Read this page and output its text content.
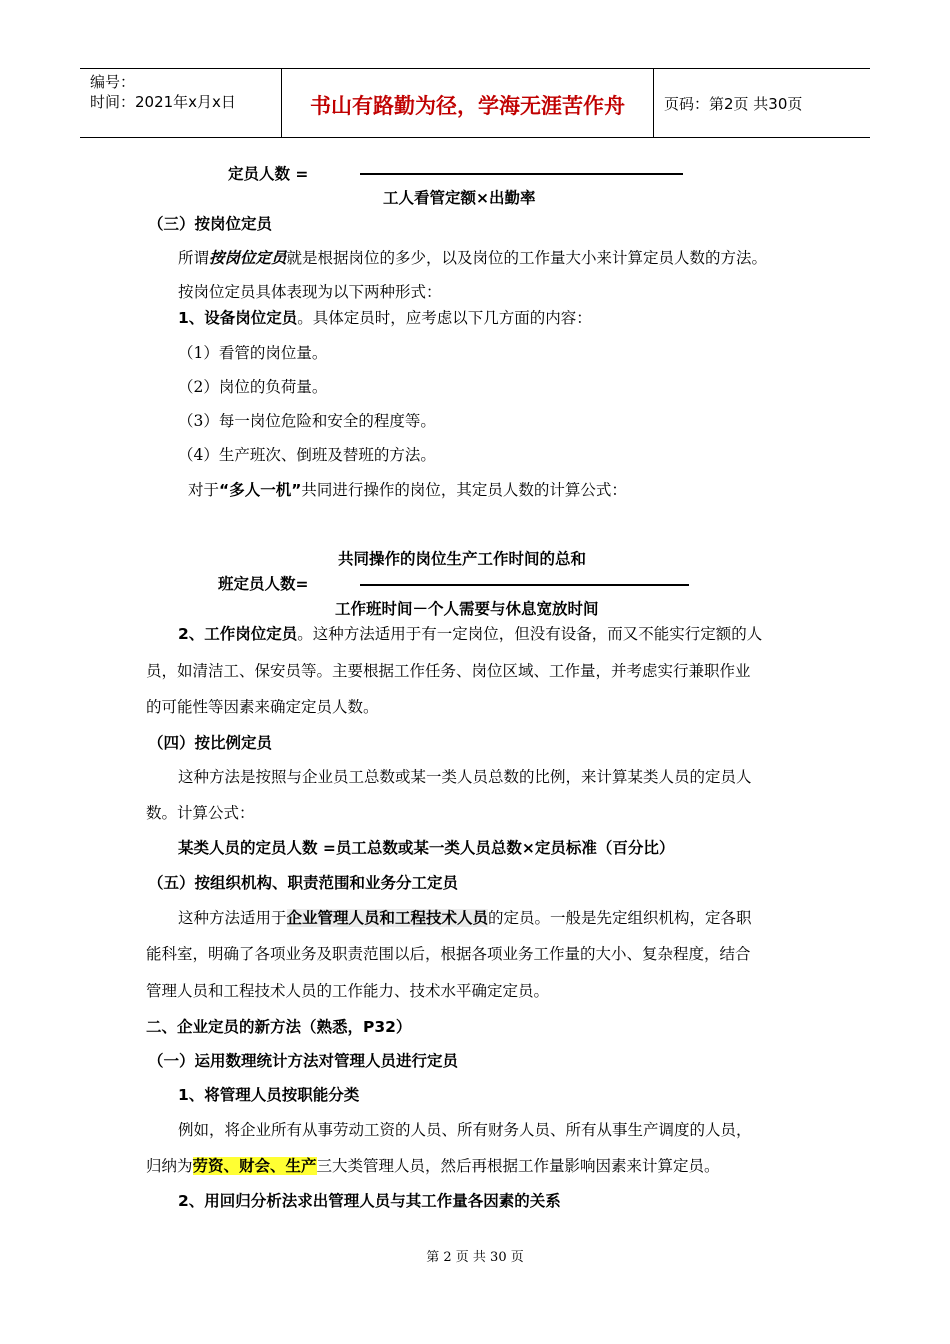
编号：
时间：2021年x月x日	书山有路勤为径，学海无涯苦作舟	页码：第2页 共30页
定员人数 =
工人看管定额×出勤率
（三）按岗位定员
所谓按岗位定员就是根据岗位的多少，以及岗位的工作量大小来计算定员人数的方法。
按岗位定员具体表现为以下两种形式：
1、设备岗位定员。具体定员时，应考虑以下几方面的内容：
（1）看管的岗位量。
（2）岗位的负荷量。
（3）每一岗位危险和安全的程度等。
（4）生产班次、倒班及替班的方法。
对于“多人一机”共同进行操作的岗位，其定员人数的计算公式：
共同操作的岗位生产工作时间的总和
班定员人数=
工作班时间－个人需要与休息宽放时间
2、工作岗位定员。这种方法适用于有一定岗位，但没有设备，而又不能实行定额的人
员，如清洁工、保安员等。主要根据工作任务、岗位区域、工作量，并考虑实行兼职作业
的可能性等因素来确定定员人数。
（四）按比例定员
这种方法是按照与企业员工总数或某一类人员总数的比例，来计算某类人员的定员人
数。计算公式：
某类人员的定员人数 =员工总数或某一类人员总数×定员标准（百分比）
（五）按组织机构、职责范围和业务分工定员
这种方法适用于企业管理人员和工程技术人员的定员。一般是先定组织机构，定各职
能科室，明确了各项业务及职责范围以后，根据各项业务工作量的大小、复杂程度，结合
管理人员和工程技术人员的工作能力、技术水平确定定员。
二、企业定员的新方法（熟悉，P32）
（一）运用数理统计方法对管理人员进行定员
1、将管理人员按职能分类
例如，将企业所有从事劳动工资的人员、所有财务人员、所有从事生产调度的人员，
归纳为劳资、财会、生产三大类管理人员，然后再根据工作量影响因素来计算定员。
2、用回归分析法求出管理人员与其工作量各因素的关系
第 2 页 共 30 页
